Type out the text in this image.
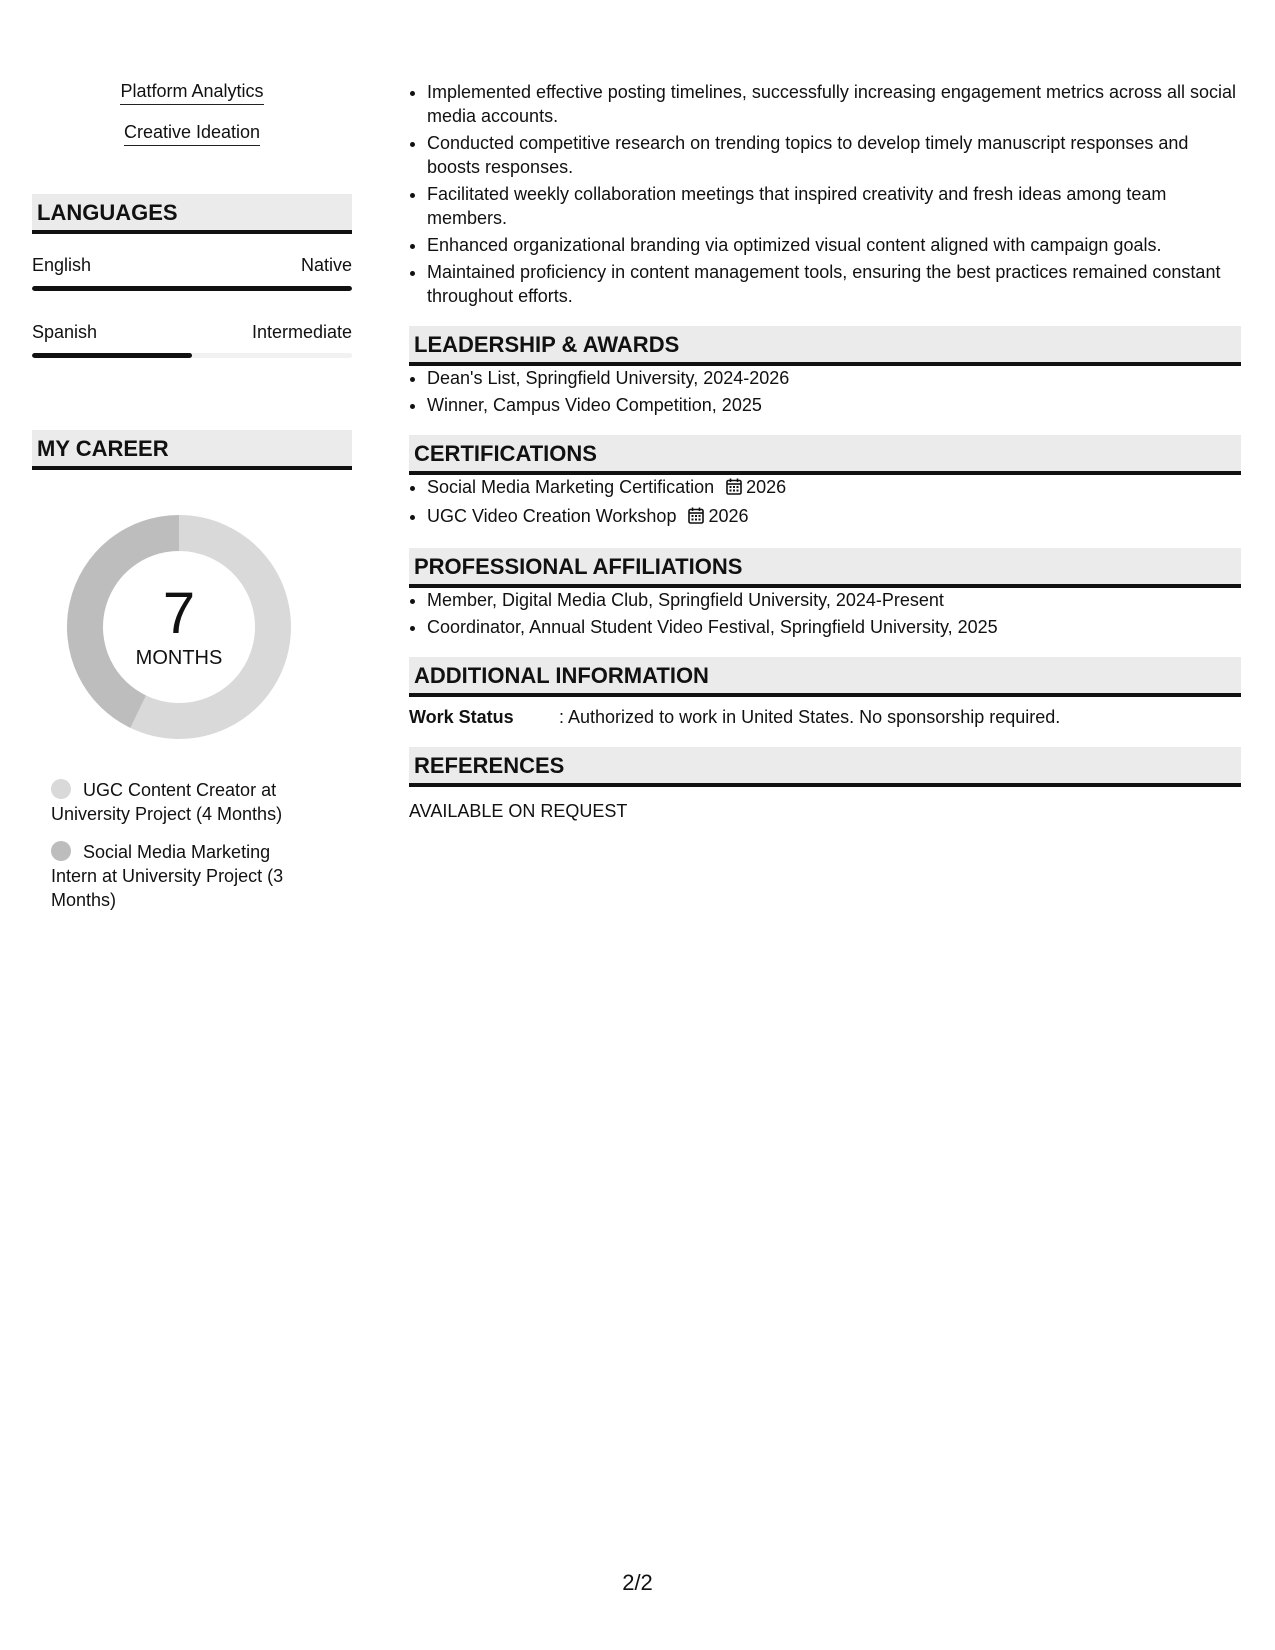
Platform Analytics
Creative Ideation
LANGUAGES
English	Native
Spanish	Intermediate
MY CAREER
7
MONTHS
UGC Content Creator at University Project (4 Months)
Social Media Marketing Intern at University Project (3 Months)
• Implemented effective posting timelines, successfully increasing engagement metrics across all social media accounts.
• Conducted competitive research on trending topics to develop timely manuscript responses and boosts responses.
• Facilitated weekly collaboration meetings that inspired creativity and fresh ideas among team members.
• Enhanced organizational branding via optimized visual content aligned with campaign goals.
• Maintained proficiency in content management tools, ensuring the best practices remained constant throughout efforts.
LEADERSHIP & AWARDS
• Dean's List, Springfield University, 2024-2026
• Winner, Campus Video Competition, 2025
CERTIFICATIONS
• Social Media Marketing Certification 2026
• UGC Video Creation Workshop 2026
PROFESSIONAL AFFILIATIONS
• Member, Digital Media Club, Springfield University, 2024-Present
• Coordinator, Annual Student Video Festival, Springfield University, 2025
ADDITIONAL INFORMATION
Work Status	: Authorized to work in United States. No sponsorship required.
REFERENCES
AVAILABLE ON REQUEST
2/2
